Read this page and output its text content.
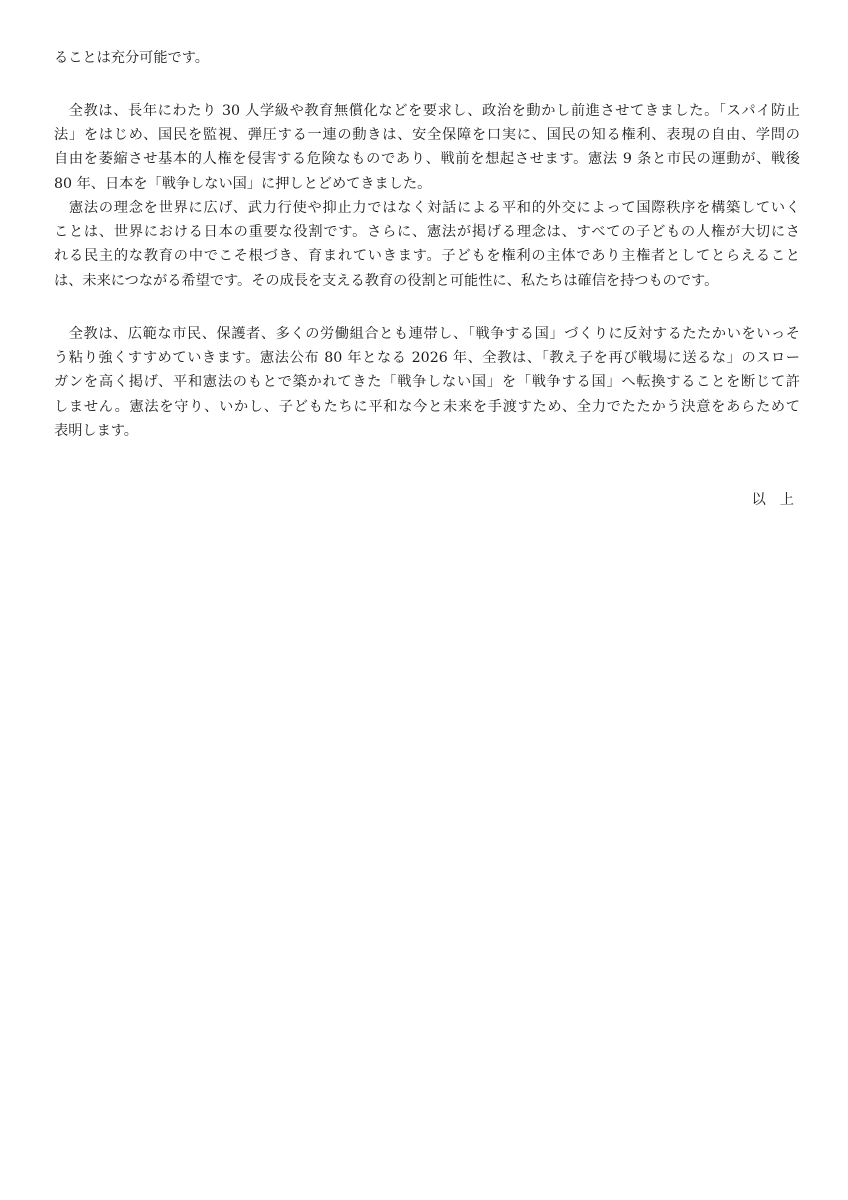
ることは充分可能です。
　全教は、長年にわたり 30 人学級や教育無償化などを要求し、政治を動かし前進させてきました。「スパイ防止
法」をはじめ、国民を監視、弾圧する一連の動きは、安全保障を口実に、国民の知る権利、表現の自由、学問の
自由を萎縮させ基本的人権を侵害する危険なものであり、戦前を想起させます。憲法 9 条と市民の運動が、戦後
80 年、日本を「戦争しない国」に押しとどめてきました。
　憲法の理念を世界に広げ、武力行使や抑止力ではなく対話による平和的外交によって国際秩序を構築していく
ことは、世界における日本の重要な役割です。さらに、憲法が掲げる理念は、すべての子どもの人権が大切にさ
れる民主的な教育の中でこそ根づき、育まれていきます。子どもを権利の主体であり主権者としてとらえること
は、未来につながる希望です。その成長を支える教育の役割と可能性に、私たちは確信を持つものです。
　全教は、広範な市民、保護者、多くの労働組合とも連帯し、「戦争する国」づくりに反対するたたかいをいっそ
う粘り強くすすめていきます。憲法公布 80 年となる 2026 年、全教は、「教え子を再び戦場に送るな」のスロー
ガンを高く掲げ、平和憲法のもとで築かれてきた「戦争しない国」を「戦争する国」へ転換することを断じて許
しません。憲法を守り、いかし、子どもたちに平和な今と未来を手渡すため、全力でたたかう決意をあらためて
表明します。
以上
